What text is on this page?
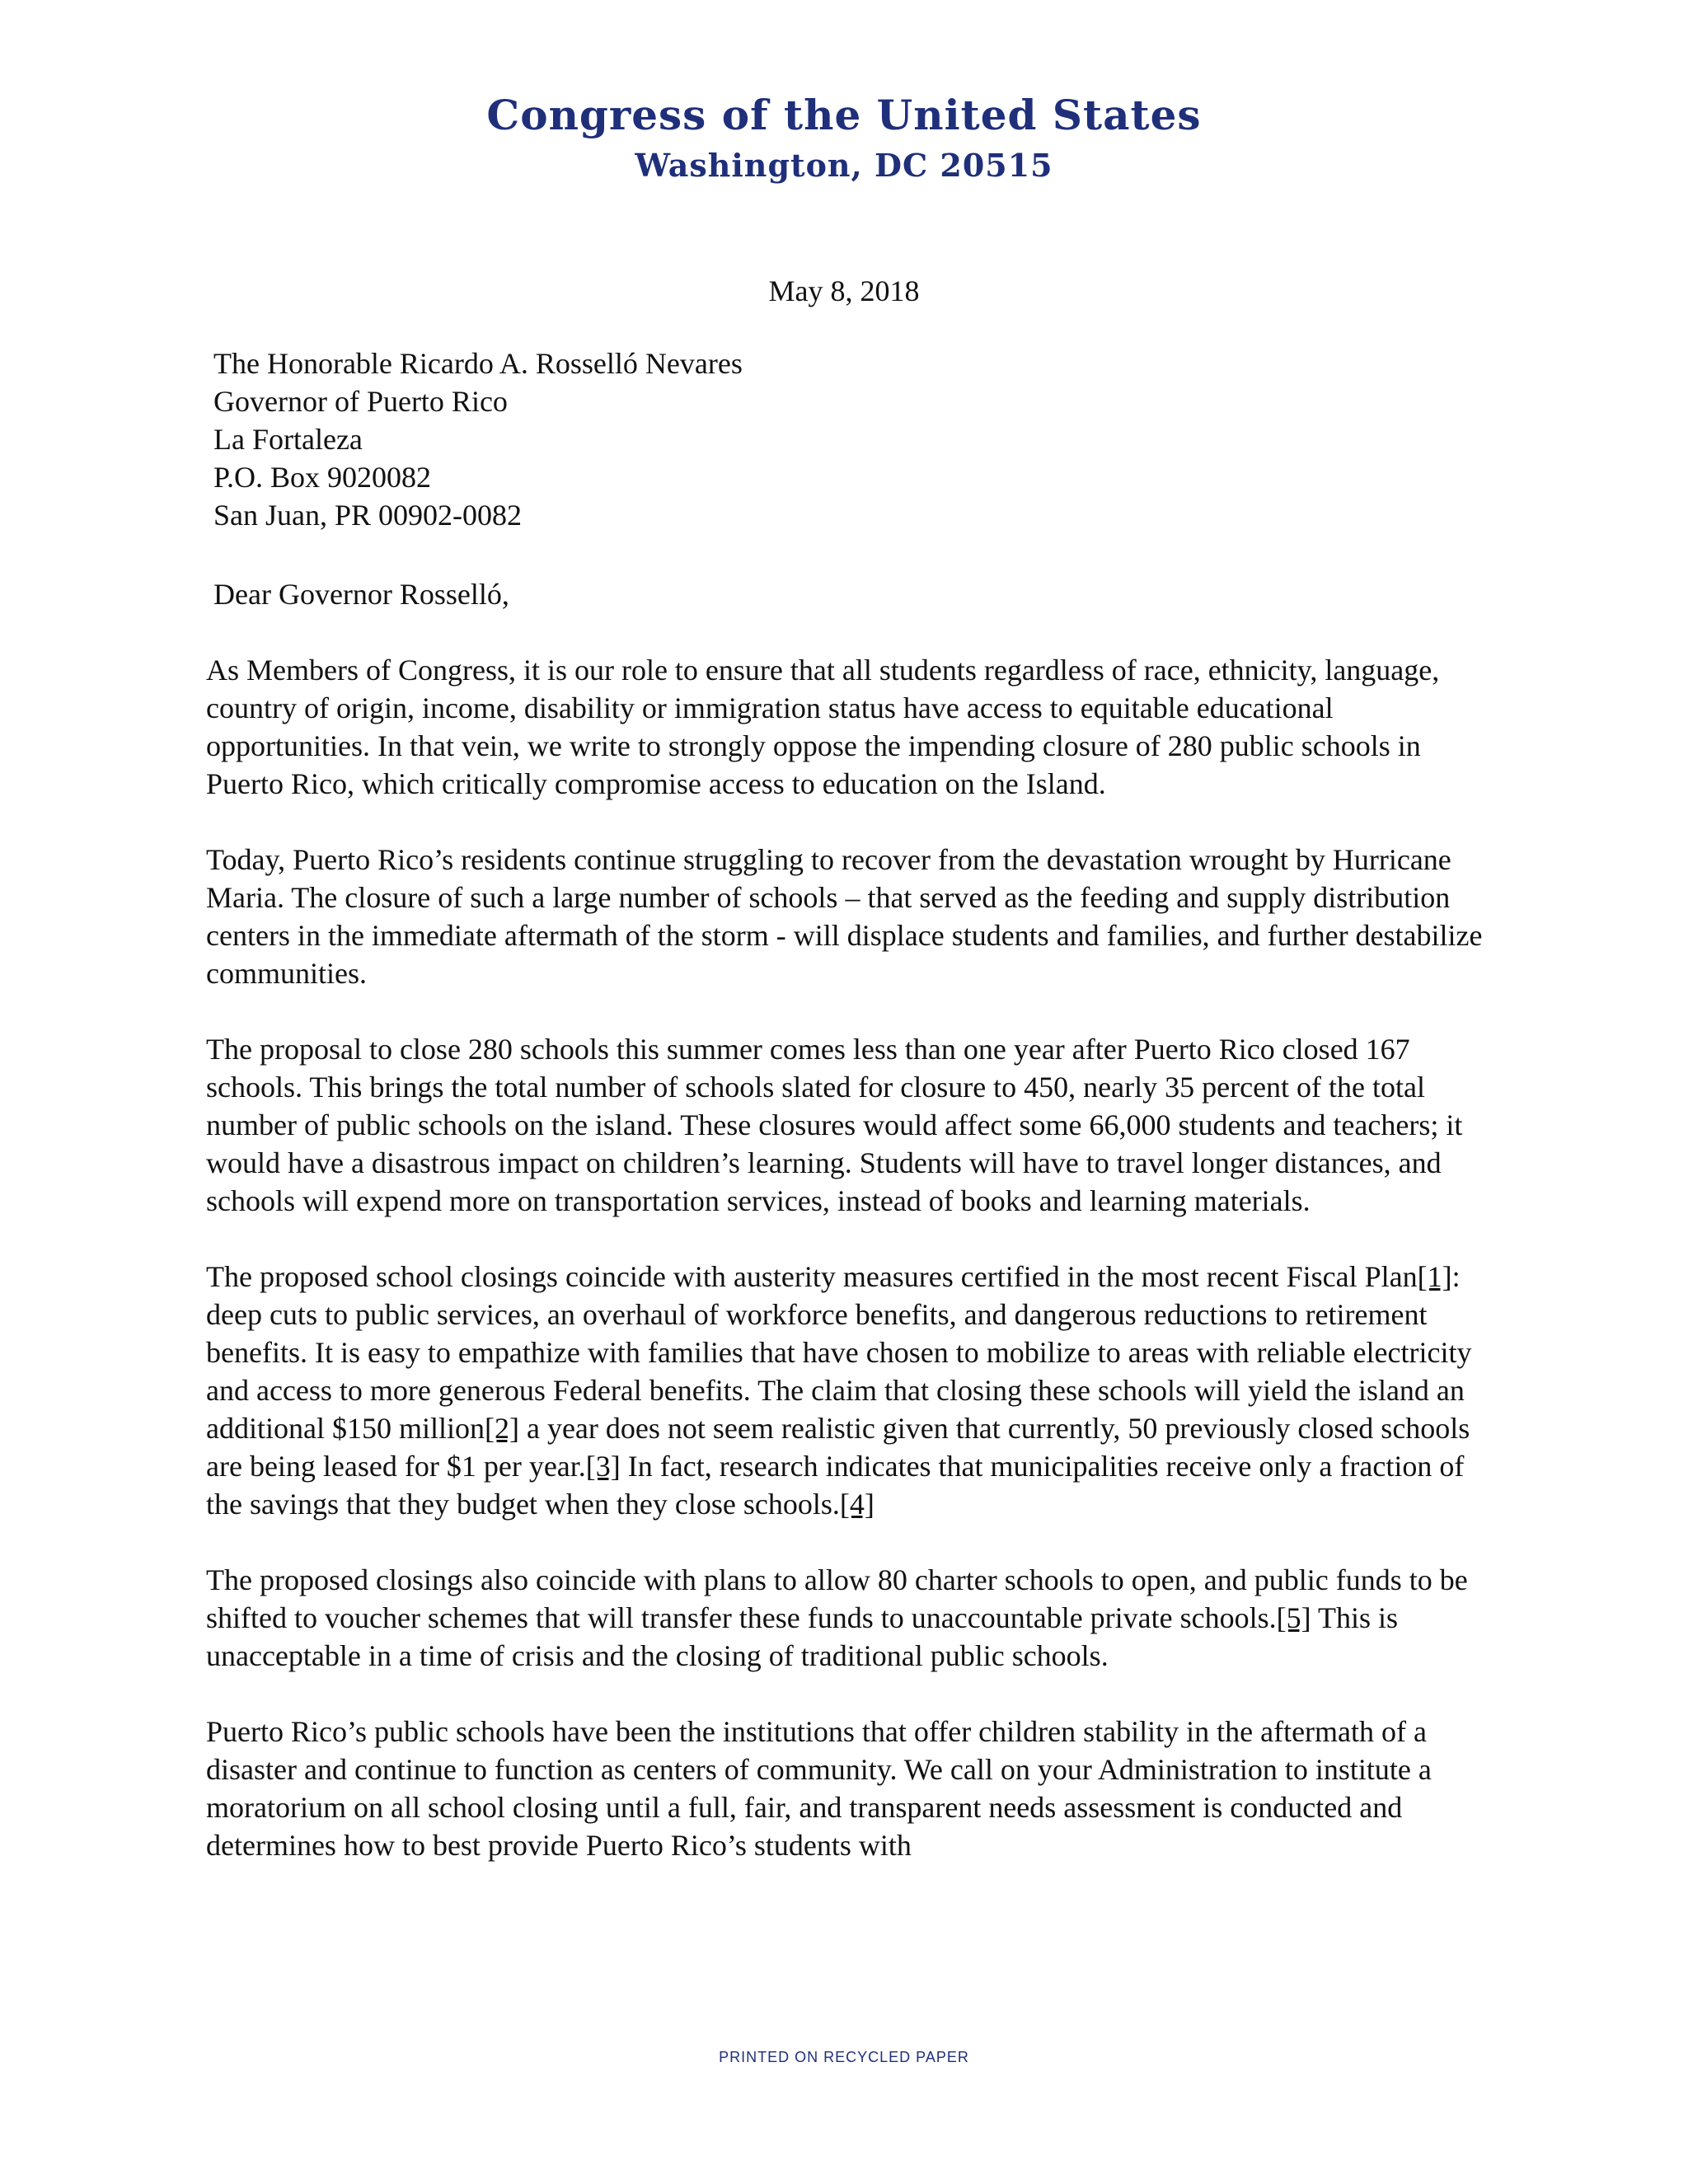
Congress of the United States
Washington, DC 20515
May 8, 2018
The Honorable Ricardo A. Rosselló Nevares
Governor of Puerto Rico
La Fortaleza
P.O. Box 9020082
San Juan, PR 00902-0082
Dear Governor Rosselló,

As Members of Congress, it is our role to ensure that all students regardless of race, ethnicity, language, country of origin, income, disability or immigration status have access to equitable educational opportunities. In that vein, we write to strongly oppose the impending closure of 280 public schools in Puerto Rico, which critically compromise access to education on the Island.

Today, Puerto Rico’s residents continue struggling to recover from the devastation wrought by Hurricane Maria. The closure of such a large number of schools – that served as the feeding and supply distribution centers in the immediate aftermath of the storm - will displace students and families, and further destabilize communities.

The proposal to close 280 schools this summer comes less than one year after Puerto Rico closed 167 schools. This brings the total number of schools slated for closure to 450, nearly 35 percent of the total number of public schools on the island. These closures would affect some 66,000 students and teachers; it would have a disastrous impact on children’s learning. Students will have to travel longer distances, and schools will expend more on transportation services, instead of books and learning materials.

The proposed school closings coincide with austerity measures certified in the most recent Fiscal Plan[1]: deep cuts to public services, an overhaul of workforce benefits, and dangerous reductions to retirement benefits. It is easy to empathize with families that have chosen to mobilize to areas with reliable electricity and access to more generous Federal benefits. The claim that closing these schools will yield the island an additional $150 million[2] a year does not seem realistic given that currently, 50 previously closed schools are being leased for $1 per year.[3] In fact, research indicates that municipalities receive only a fraction of the savings that they budget when they close schools.[4]

The proposed closings also coincide with plans to allow 80 charter schools to open, and public funds to be shifted to voucher schemes that will transfer these funds to unaccountable private schools.[5] This is unacceptable in a time of crisis and the closing of traditional public schools.

Puerto Rico’s public schools have been the institutions that offer children stability in the aftermath of a disaster and continue to function as centers of community. We call on your Administration to institute a moratorium on all school closing until a full, fair, and transparent needs assessment is conducted and determines how to best provide Puerto Rico’s students with

PRINTED ON RECYCLED PAPER
